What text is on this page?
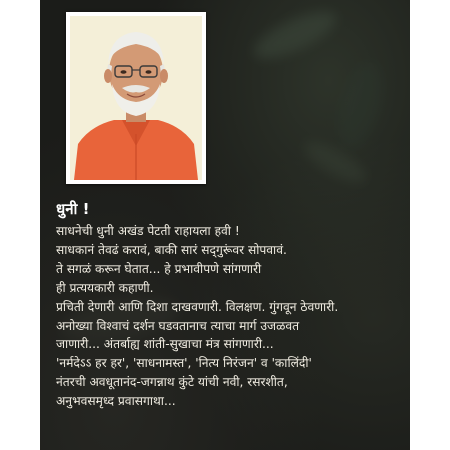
धुनी !
साधनेची धुनी अखंड पेटती राहायला हवी !
साधकानं तेवढं करावं, बाकी सारं सद्‌गुरूंवर सोपवावं.
ते सगळं करून घेतात... हे प्रभावीपणे सांगणारी
ही प्रत्ययकारी कहाणी.
प्रचिती देणारी आणि दिशा दाखवणारी. विलक्षण. गुंगवून ठेवणारी.
अनोख्या विश्वाचं दर्शन घडवतानाच त्याचा मार्ग उजळवत
जाणारी... अंतर्बाह्य शांती-सुखाचा मंत्र सांगणारी...
'नर्मदेऽऽ हर हर', 'साधनामस्त', 'नित्य निरंजन' व 'कालिंदी'
नंतरची अवधूतानंद-जगन्नाथ कुंटे यांची नवी, रसरशीत,
अनुभवसमृध्द प्रवासगाथा...
